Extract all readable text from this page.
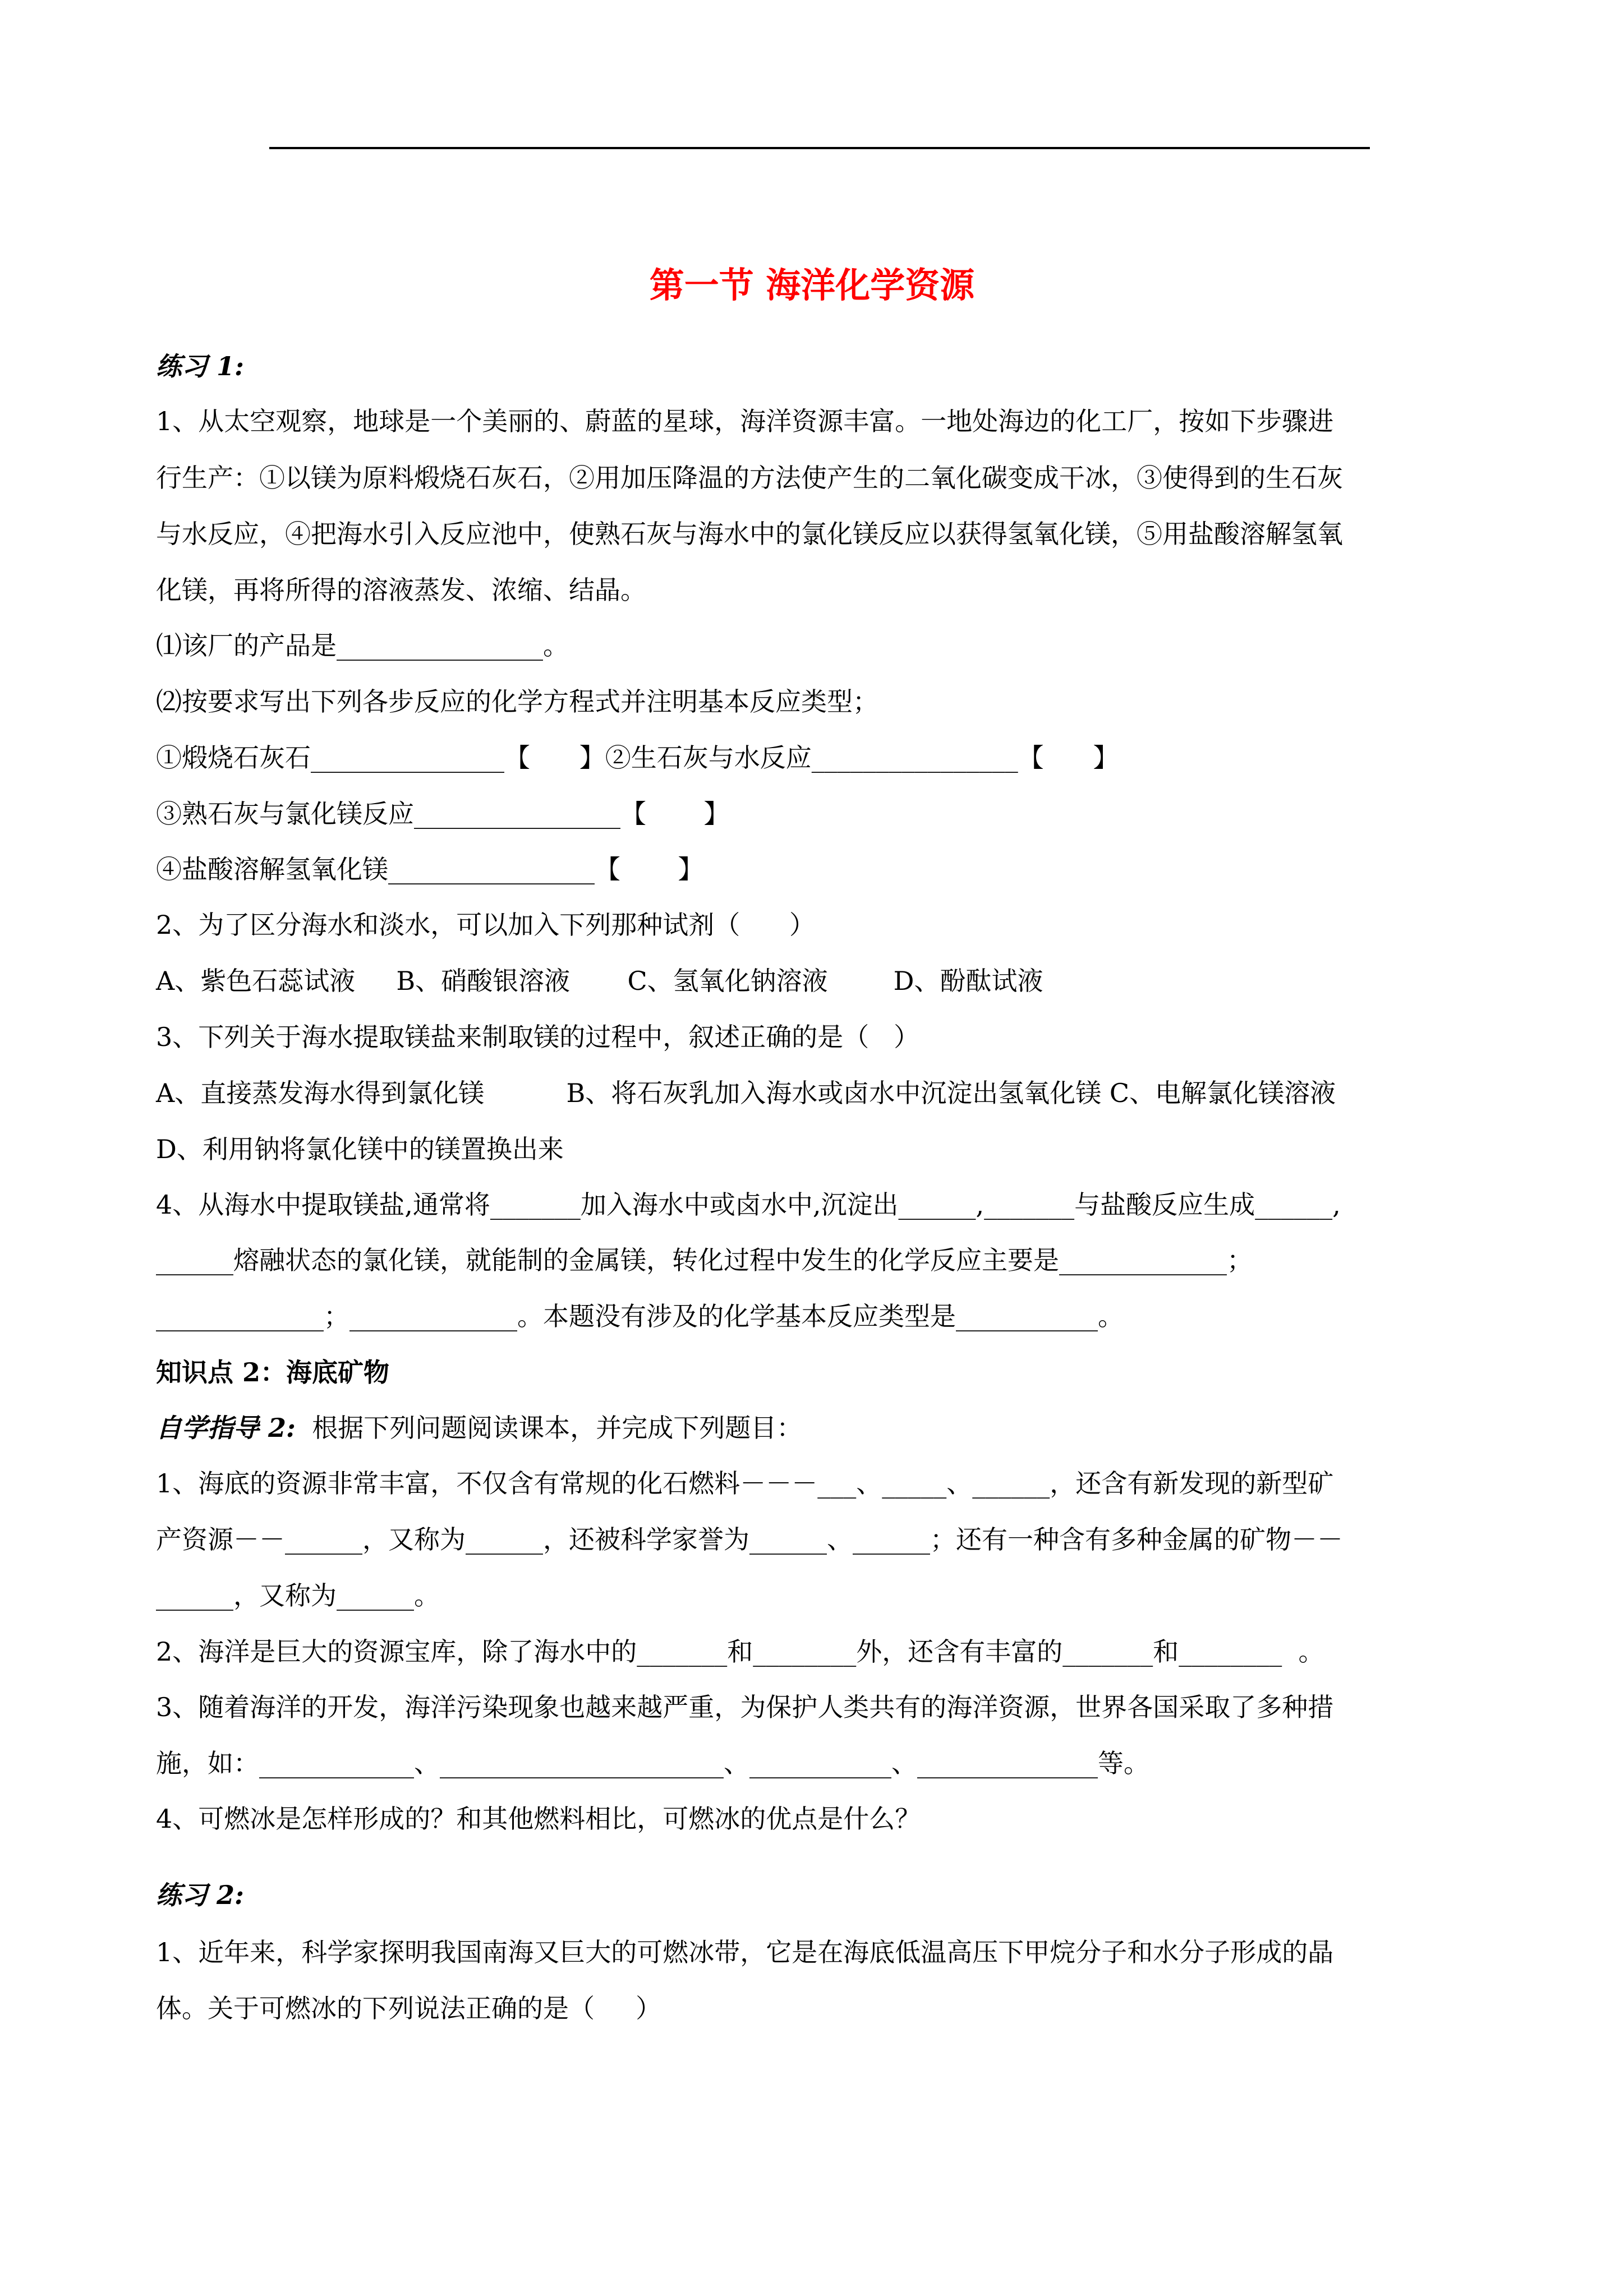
第一节 海洋化学资源
练习 1:
1、从太空观察，地球是一个美丽的、蔚蓝的星球，海洋资源丰富。一地处海边的化工厂，按如下步骤进
行生产：①以镁为原料煅烧石灰石，②用加压降温的方法使产生的二氧化碳变成干冰，③使得到的生石灰
与水反应，④把海水引入反应池中，使熟石灰与海水中的氯化镁反应以获得氢氧化镁，⑤用盐酸溶解氢氧
化镁，再将所得的溶液蒸发、浓缩、结晶。
⑴该厂的产品是________________。
⑵按要求写出下列各步反应的化学方程式并注明基本反应类型；
①煅烧石灰石_______________【      】②生石灰与水反应________________【      】
③熟石灰与氯化镁反应________________【       】
④盐酸溶解氢氧化镁________________【       】
2、为了区分海水和淡水，可以加入下列那种试剂（      ）
A、紫色石蕊试液     B、硝酸银溶液       C、氢氧化钠溶液        D、酚酞试液
3、下列关于海水提取镁盐来制取镁的过程中，叙述正确的是（   ）
A、直接蒸发海水得到氯化镁          B、将石灰乳加入海水或卤水中沉淀出氢氧化镁 C、电解氯化镁溶液
D、利用钠将氯化镁中的镁置换出来
4、从海水中提取镁盐,通常将_______加入海水中或卤水中,沉淀出______,_______与盐酸反应生成______,
______熔融状态的氯化镁，就能制的金属镁，转化过程中发生的化学反应主要是_____________；
_____________；_____________。本题没有涉及的化学基本反应类型是___________。
知识点 2：海底矿物
自学指导 2:  根据下列问题阅读课本，并完成下列题目：
1、海底的资源非常丰富，不仅含有常规的化石燃料－－－___、_____、______，还含有新发现的新型矿
产资源－－______，又称为______，还被科学家誉为______、______；还有一种含有多种金属的矿物－－
______，又称为______。
2、海洋是巨大的资源宝库，除了海水中的_______和________外，还含有丰富的_______和________  。
3、随着海洋的开发，海洋污染现象也越来越严重，为保护人类共有的海洋资源，世界各国采取了多种措
施，如：____________、______________________、___________、______________等。
4、可燃冰是怎样形成的？和其他燃料相比，可燃冰的优点是什么？
练习 2:
1、近年来，科学家探明我国南海又巨大的可燃冰带，它是在海底低温高压下甲烷分子和水分子形成的晶
体。关于可燃冰的下列说法正确的是（     ）
